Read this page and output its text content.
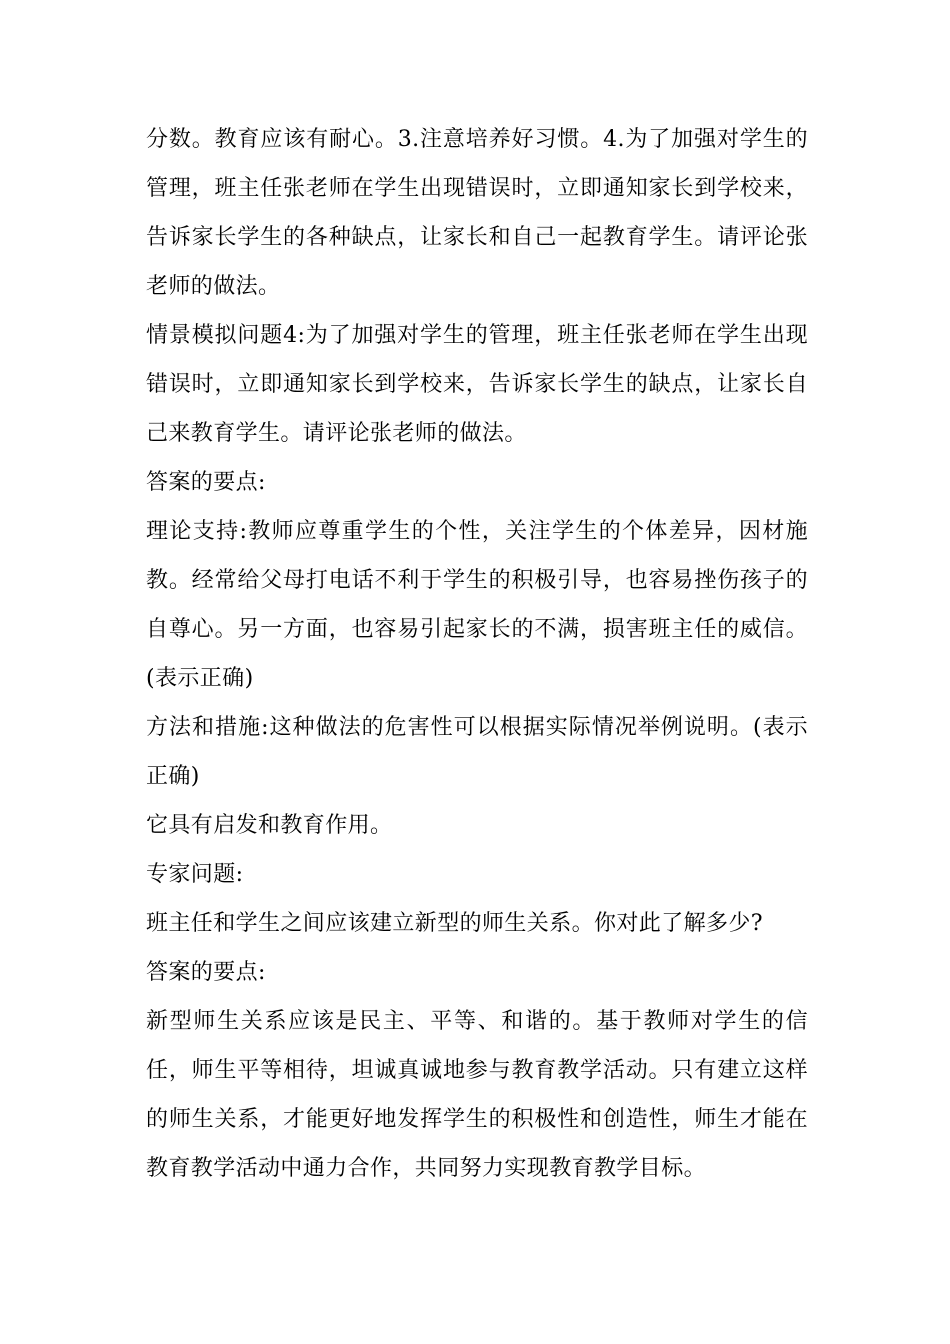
分数。教育应该有耐心。3.注意培养好习惯。4.为了加强对学生的管理，班主任张老师在学生出现错误时，立即通知家长到学校来，告诉家长学生的各种缺点，让家长和自己一起教育学生。请评论张老师的做法。

情景模拟问题4:为了加强对学生的管理，班主任张老师在学生出现错误时，立即通知家长到学校来，告诉家长学生的缺点，让家长自己来教育学生。请评论张老师的做法。

答案的要点:

理论支持:教师应尊重学生的个性，关注学生的个体差异，因材施教。经常给父母打电话不利于学生的积极引导，也容易挫伤孩子的自尊心。另一方面，也容易引起家长的不满，损害班主任的威信。(表示正确)

方法和措施:这种做法的危害性可以根据实际情况举例说明。(表示正确)

它具有启发和教育作用。

专家问题:

班主任和学生之间应该建立新型的师生关系。你对此了解多少?

答案的要点:

新型师生关系应该是民主、平等、和谐的。基于教师对学生的信任，师生平等相待，坦诚真诚地参与教育教学活动。只有建立这样的师生关系，才能更好地发挥学生的积极性和创造性，师生才能在教育教学活动中通力合作，共同努力实现教育教学目标。
